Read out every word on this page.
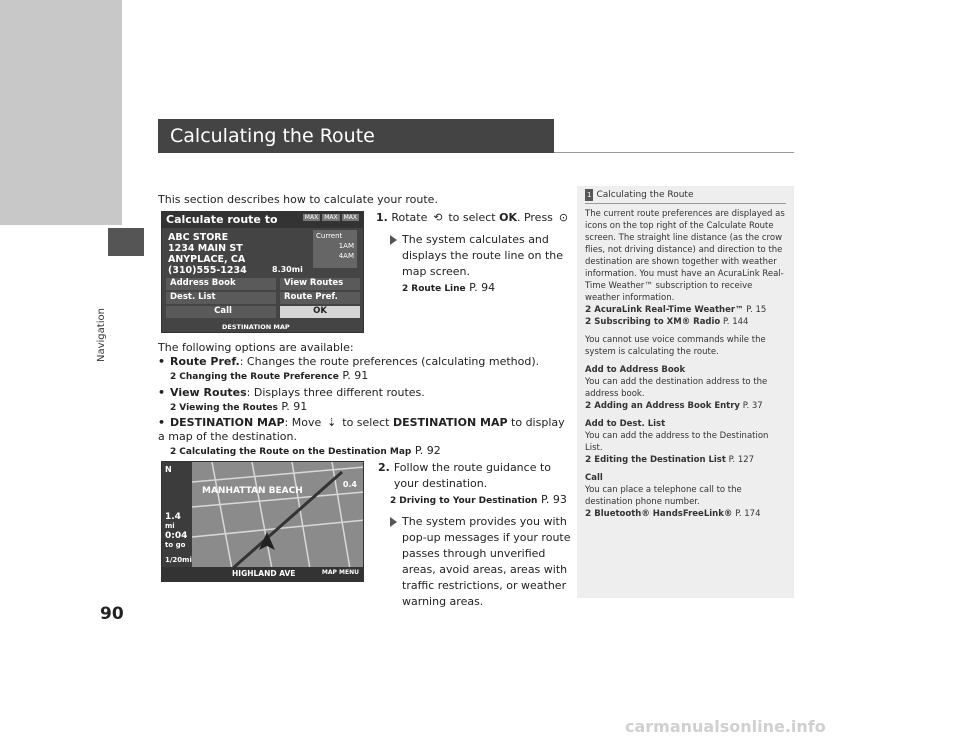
Navigation
90
Calculating the Route
This section describes how to calculate your route.
Calculate route to	MAX MAX MAX
ABC STORE
1234 MAIN ST
ANYPLACE, CA
(310)555-1234
Current
1AM
4AM
8.30mi
Address Book	View Routes
Dest. List	Route Pref.
Call	OK
DESTINATION MAP
1. Rotate ⟲ to select OK. Press ⊙
The system calculates and displays the route line on the map screen.
2 Route Line P. 94
The following options are available:
• Route Pref.: Changes the route preferences (calculating method).
2 Changing the Route Preference P. 91
• View Routes: Displays three different routes.
2 Viewing the Routes P. 91
• DESTINATION MAP: Move ⇣ to select DESTINATION MAP to display a map of the destination.
2 Calculating the Route on the Destination Map P. 92
N
1.4
mi
0:04
to go
1/20mi
MANHATTAN BEACH
0.4
HIGHLAND AVE	MAP MENU
2. Follow the route guidance to your destination.
2 Driving to Your Destination P. 93
The system provides you with pop-up messages if your route passes through unverified areas, avoid areas, areas with traffic restrictions, or weather warning areas.
1 Calculating the Route

The current route preferences are displayed as icons on the top right of the Calculate Route screen. The straight line distance (as the crow flies, not driving distance) and direction to the destination are shown together with weather information. You must have an AcuraLink Real-Time Weather™ subscription to receive weather information.
2 AcuraLink Real-Time Weather™ P. 15
2 Subscribing to XM® Radio P. 144

You cannot use voice commands while the system is calculating the route.

Add to Address Book
You can add the destination address to the address book.
2 Adding an Address Book Entry P. 37

Add to Dest. List
You can add the address to the Destination List.
2 Editing the Destination List P. 127

Call
You can place a telephone call to the destination phone number.
2 Bluetooth® HandsFreeLink® P. 174

carmanualsonline.info
